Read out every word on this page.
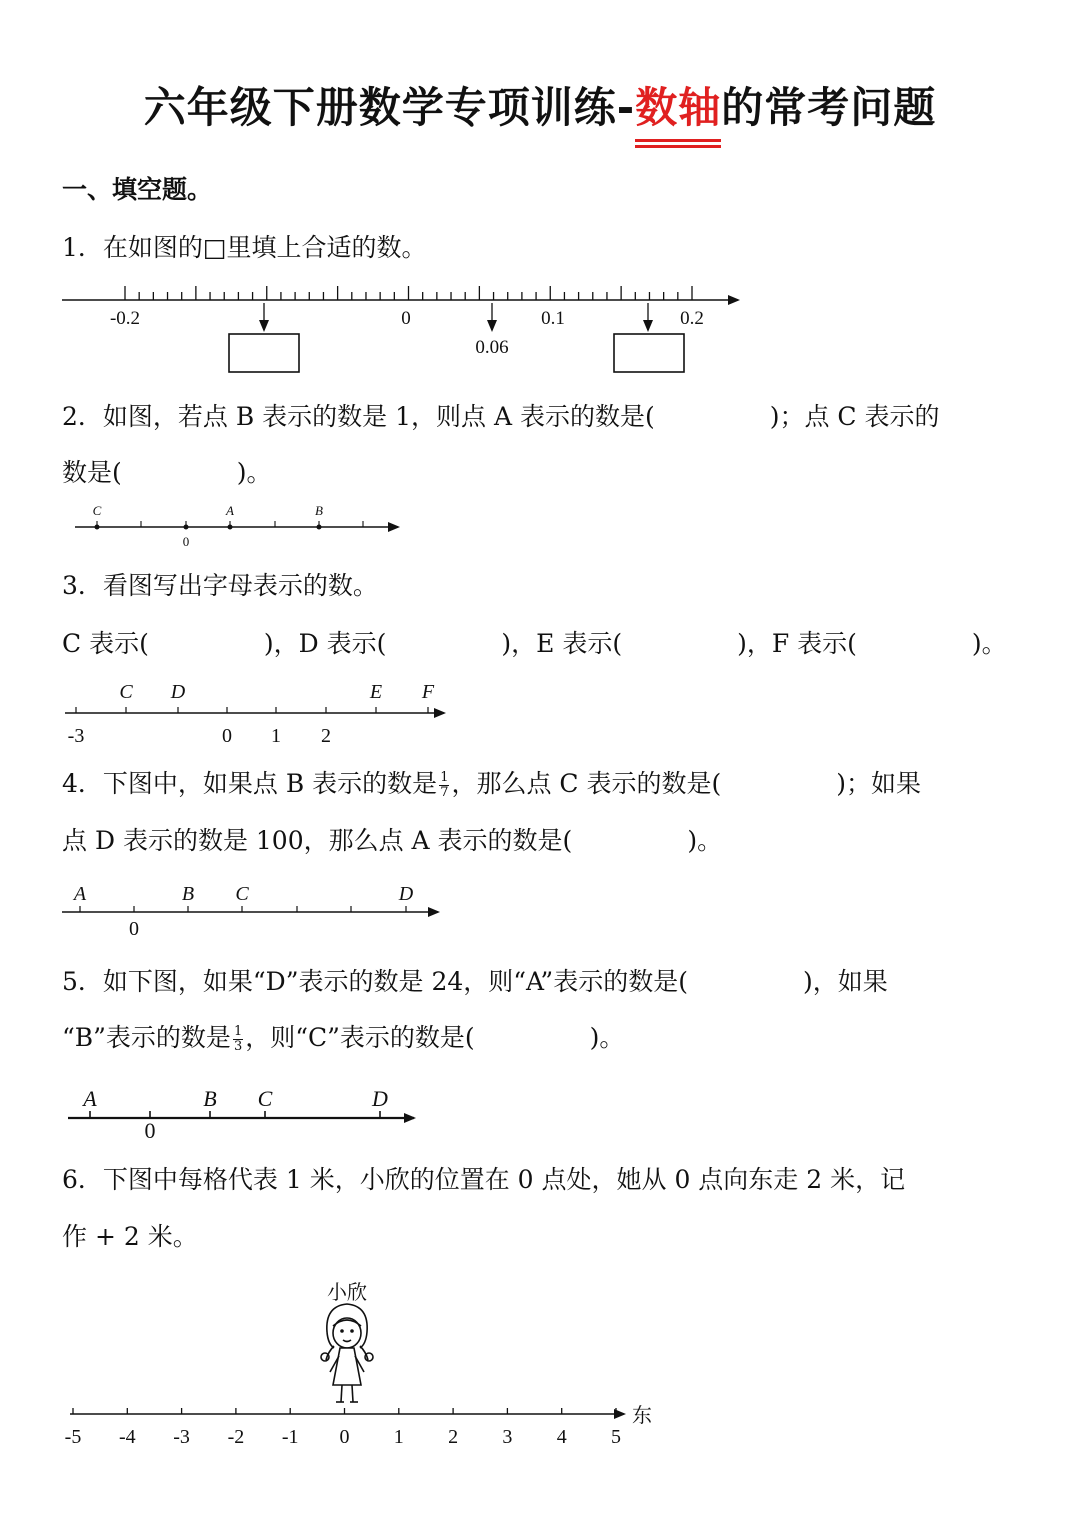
六年级下册数学专项训练-数轴
的常考问题
一、填空题。
1．在如图的□里填上合适的数。
2．如图，若点 B 表示的数是 1，则点 A 表示的数是(	)；点 C 表示的
数是(	)。
3．看图写出字母表示的数。
C 表示(	)，D 表示(	)，E 表示(	)，F 表示(	)。
4．下图中，如果点 B 表示的数是 $\frac{1}{7}$ ，那么点 C 表示的数是(	)；如果
点 D 表示的数是 100，那么点 A 表示的数是(	)。
5．如下图，如果“D”表示的数是 24，则“A”表示的数是(	)，如果
“B”表示的数是 $\frac{1}{3}$ ，则“C”表示的数是(	)。
6．下图中每格代表 1 米，小欣的位置在 0 点处，她从 0 点向东走 2 米，记
作 + 2 米。
-0.2	0
0.06
0.1	0.2
C	A	B
0
C D	E F
-3	0 1 2
A	B C	D
0
A	B C	D
0
小欣
-5 -4 -3 -2 -1 0 1 2 3 4 5
东
